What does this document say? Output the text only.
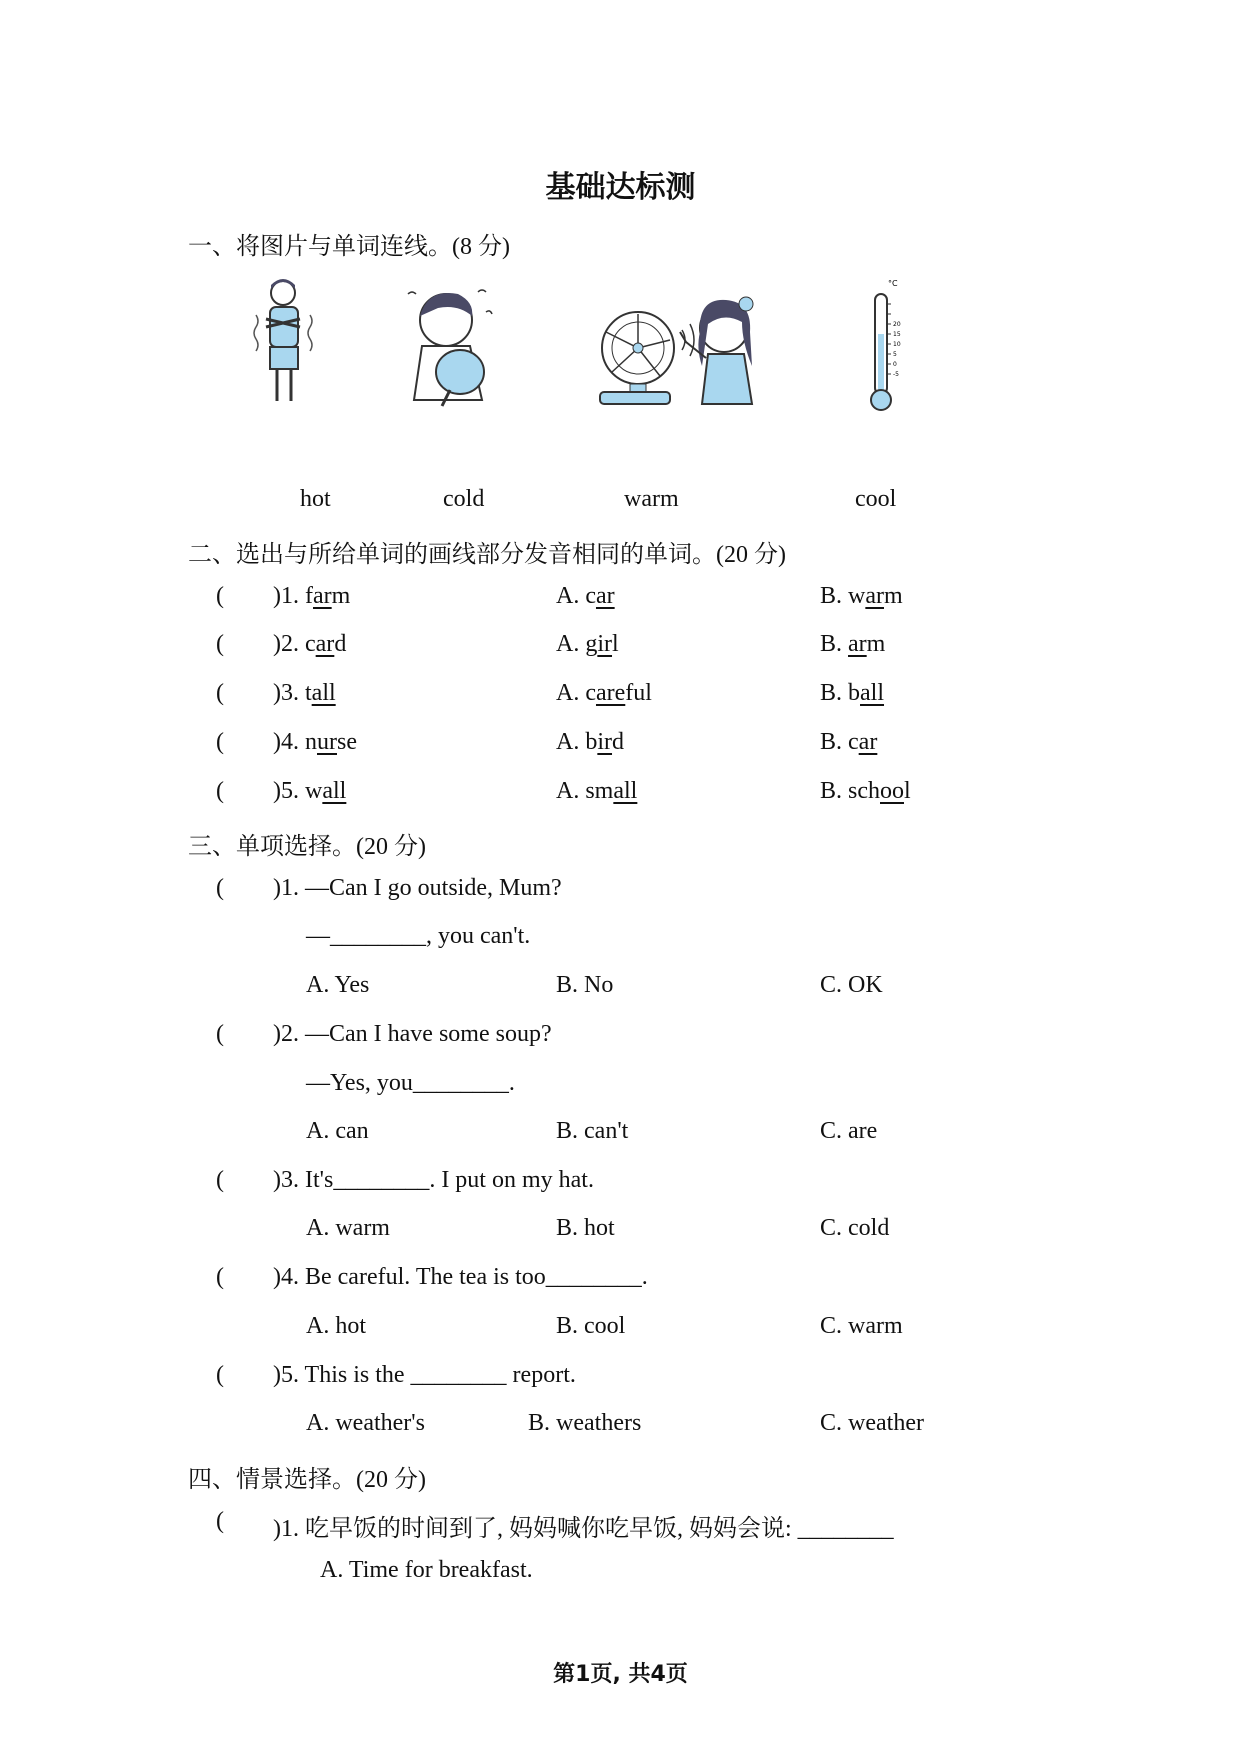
基础达标测
一、将图片与单词连线。(8 分)
°C
20
15
10
5
0
-5
hot	cold	warm	cool
二、选出与所给单词的画线部分发音相同的单词。(20 分)
( )1. farm	A. car	B. warm
( )2. card	A. girl	B. arm
( )3. tall	A. careful	B. ball
( )4. nurse	A. bird	B. car
( )5. wall	A. small	B. school
三、单项选择。(20 分)
( )1. —Can I go outside, Mum?
—________, you can't.
A. Yes	B. No	C. OK
( )2. —Can I have some soup?
—Yes, you________.
A. can	B. can't	C. are
( )3. It's________. I put on my hat.
A. warm	B. hot	C. cold
( )4. Be careful. The tea is too________.
A. hot	B. cool	C. warm
( )5. This is the ________ report.
A. weather's	B. weathers	C. weather
四、情景选择。(20 分)
( )1. 吃早饭的时间到了, 妈妈喊你吃早饭, 妈妈会说: ________
A. Time for breakfast.
第1页, 共4页
